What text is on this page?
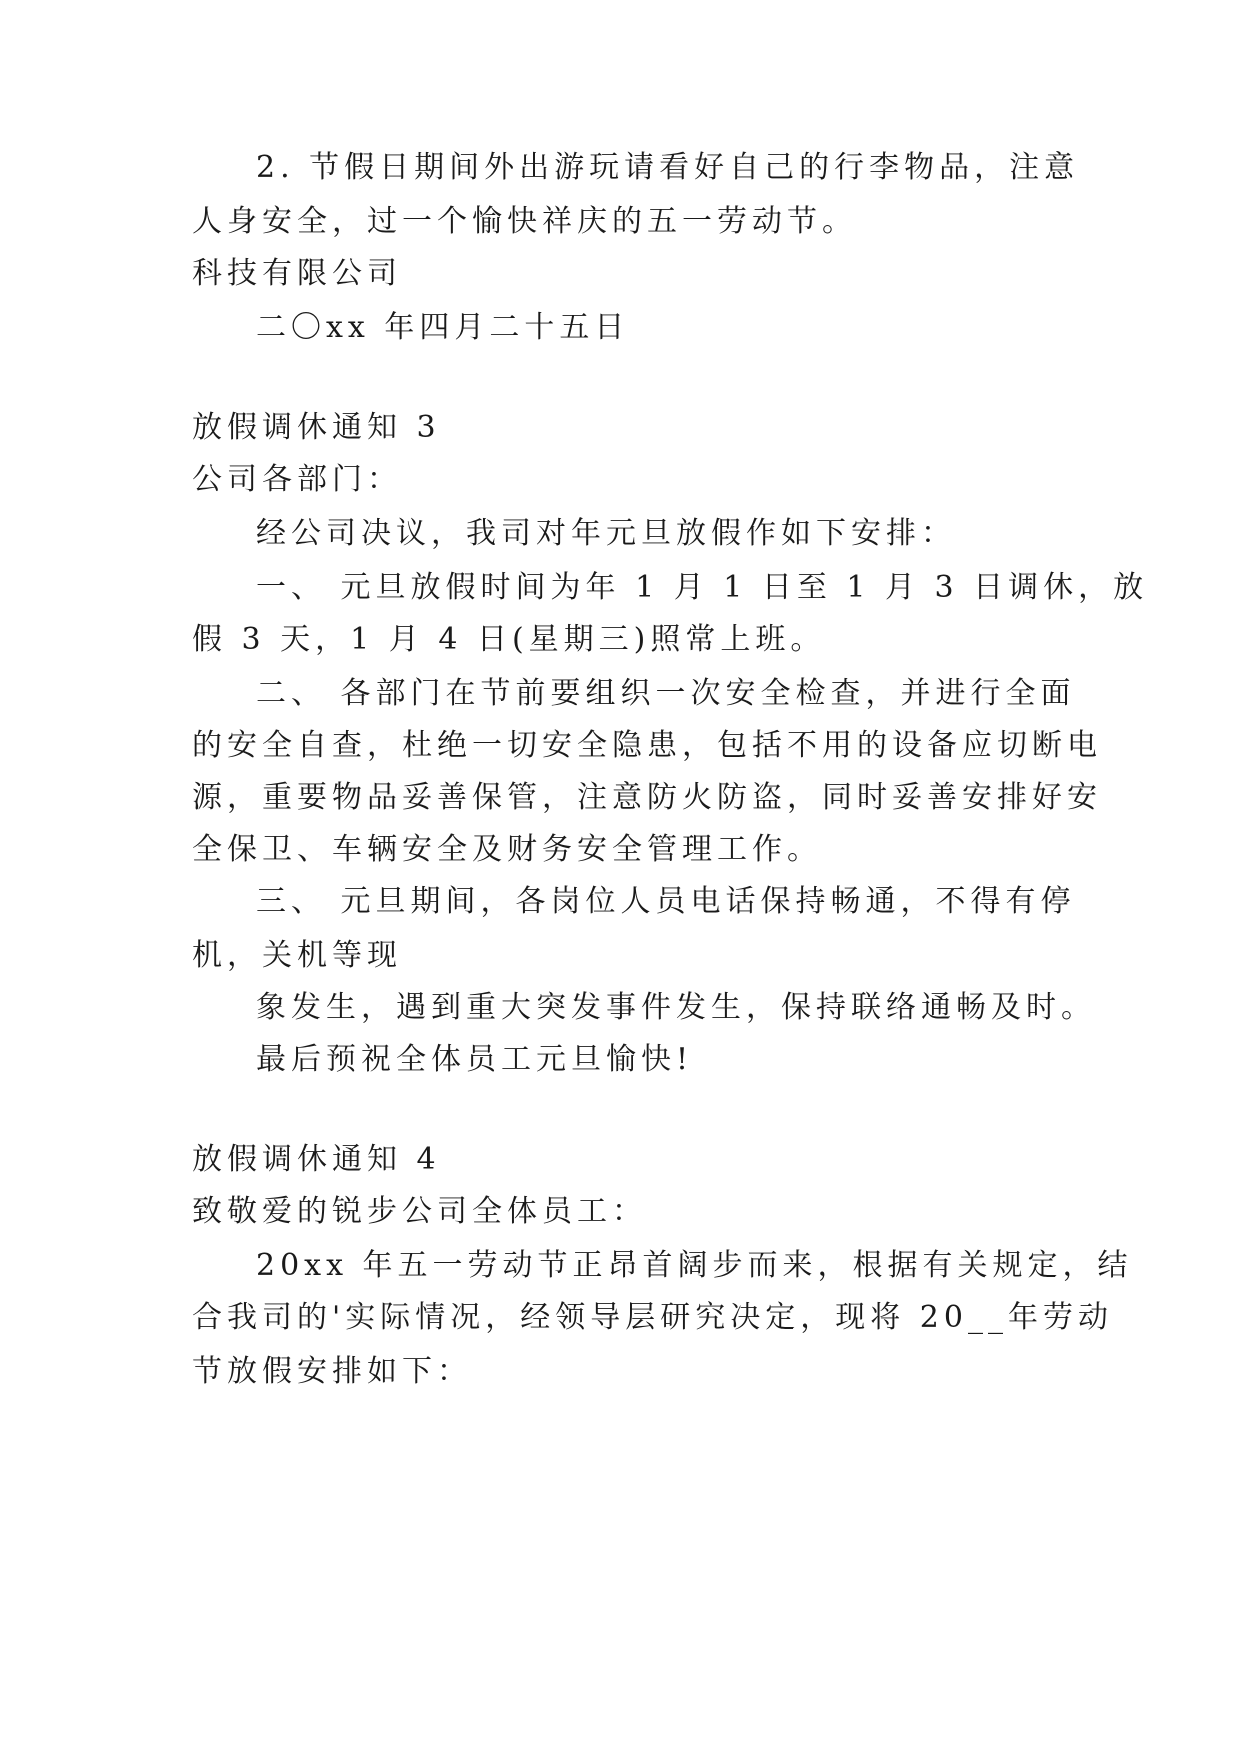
2. 节假日期间外出游玩请看好自己的行李物品，注意
人身安全，过一个愉快祥庆的五一劳动节。
科技有限公司
二〇xx 年四月二十五日
放假调休通知 3
公司各部门：
经公司决议，我司对年元旦放假作如下安排：
一、 元旦放假时间为年 1 月 1 日至 1 月 3 日调休，放
假 3 天，1 月 4 日(星期三)照常上班。
二、 各部门在节前要组织一次安全检查，并进行全面
的安全自查，杜绝一切安全隐患，包括不用的设备应切断电
源，重要物品妥善保管，注意防火防盗，同时妥善安排好安
全保卫、车辆安全及财务安全管理工作。
三、 元旦期间，各岗位人员电话保持畅通，不得有停
机，关机等现
象发生，遇到重大突发事件发生，保持联络通畅及时。
最后预祝全体员工元旦愉快!
放假调休通知 4
致敬爱的锐步公司全体员工：
20xx 年五一劳动节正昂首阔步而来，根据有关规定，结
合我司的'实际情况，经领导层研究决定，现将 20__年劳动
节放假安排如下：
